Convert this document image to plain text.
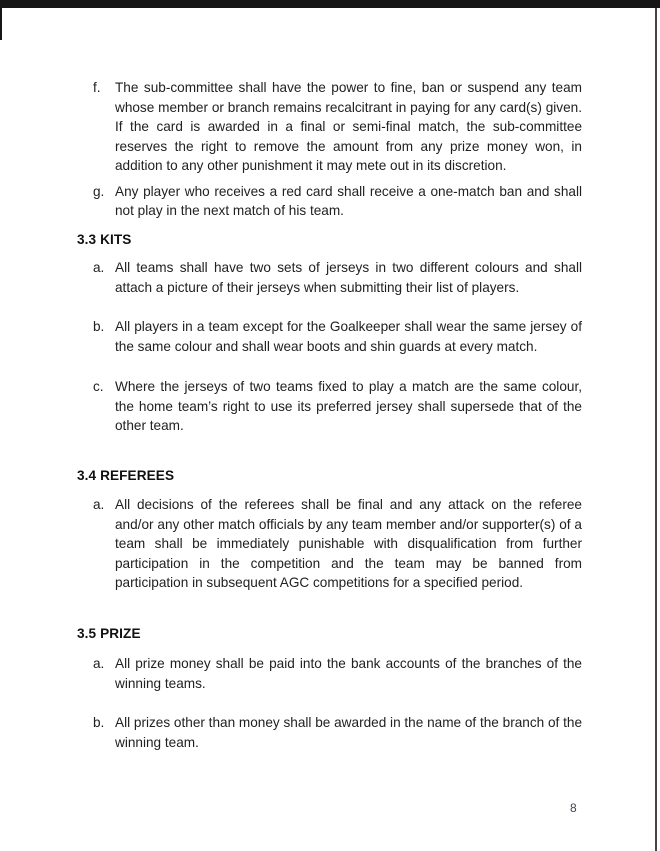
f.	The sub-committee shall have the power to fine, ban or suspend any team whose member or branch remains recalcitrant in paying for any card(s) given. If the card is awarded in a final or semi-final match, the sub-committee reserves the right to remove the amount from any prize money won, in addition to any other punishment it may mete out in its discretion.
g. Any player who receives a red card shall receive a one-match ban and shall not play in the next match of his team.
3.3 KITS
a. All teams shall have two sets of jerseys in two different colours and shall attach a picture of their jerseys when submitting their list of players.
b. All players in a team except for the Goalkeeper shall wear the same jersey of the same colour and shall wear boots and shin guards at every match.
c. Where the jerseys of two teams fixed to play a match are the same colour, the home team’s right to use its preferred jersey shall supersede that of the other team.
3.4 REFEREES
a. All decisions of the referees shall be final and any attack on the referee and/or any other match officials by any team member and/or supporter(s) of a team shall be immediately punishable with disqualification from further participation in the competition and the team may be banned from participation in subsequent AGC competitions for a specified period.
3.5 PRIZE
a. All prize money shall be paid into the bank accounts of the branches of the winning teams.
b. All prizes other than money shall be awarded in the name of the branch of the winning team.
8
